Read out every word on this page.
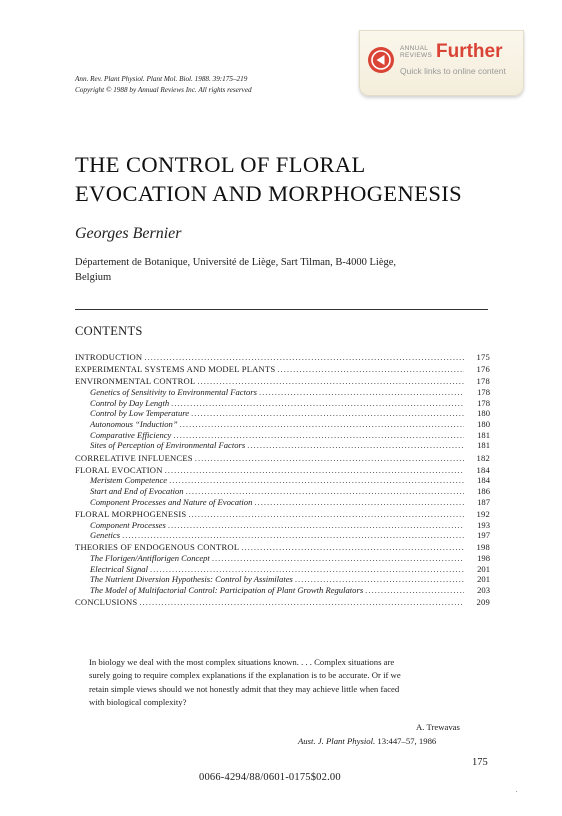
Ann. Rev. Plant Physiol. Plant Mol. Biol. 1988. 39:175–219
Copyright © 1988 by Annual Reviews Inc. All rights reserved
ANNUAL
REVIEWS Further
Quick links to online content
THE CONTROL OF FLORAL
EVOCATION AND MORPHOGENESIS
Georges Bernier
Département de Botanique, Université de Liège, Sart Tilman, B-4000 Liège,
Belgium
CONTENTS
INTRODUCTION .....	175
EXPERIMENTAL SYSTEMS AND MODEL PLANTS .....	176
ENVIRONMENTAL CONTROL .....	178
Genetics of Sensitivity to Environmental Factors .....	178
Control by Day Length .....	178
Control by Low Temperature .....	180
Autonomous “Induction” .....	180
Comparative Efficiency .....	181
Sites of Perception of Environmental Factors .....	181
CORRELATIVE INFLUENCES .....	182
FLORAL EVOCATION .....	184
Meristem Competence .....	184
Start and End of Evocation .....	186
Component Processes and Nature of Evocation .....	187
FLORAL MORPHOGENESIS .....	192
Component Processes .....	193
Genetics .....	197
THEORIES OF ENDOGENOUS CONTROL .....	198
The Florigen/Antiflorigen Concept .....	198
Electrical Signal .....	201
The Nutrient Diversion Hypothesis: Control by Assimilates .....	201
The Model of Multifactorial Control: Participation of Plant Growth Regulators .....	203
CONCLUSIONS .....	209
In biology we deal with the most complex situations known. . . . Complex situations are
surely going to require complex explanations if the explanation is to be accurate. Or if we
retain simple views should we not honestly admit that they may achieve little when faced
with biological complexity?
A. Trewavas
Aust. J. Plant Physiol. 13:447–57, 1986
175
0066-4294/88/0601-0175$02.00
